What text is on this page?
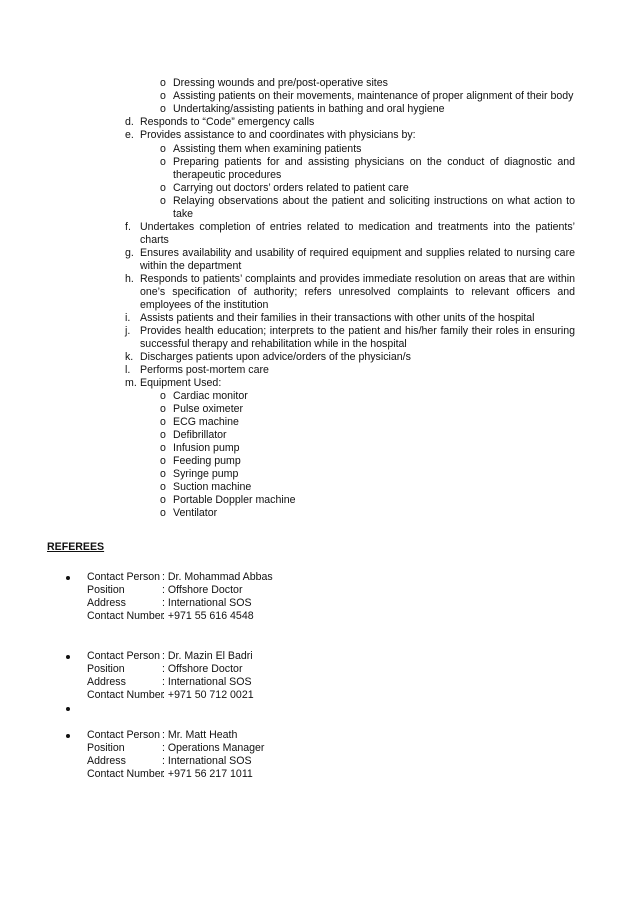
o Dressing wounds and pre/post-operative sites
o Assisting patients on their movements, maintenance of proper alignment of their body
o Undertaking/assisting patients in bathing and oral hygiene
d. Responds to “Code” emergency calls
e. Provides assistance to and coordinates with physicians by:
o Assisting them when examining patients
o Preparing patients for and assisting physicians on the conduct of diagnostic and
therapeutic procedures
o Carrying out doctors’ orders related to patient care
o Relaying observations about the patient and soliciting instructions on what action to
take
f. Undertakes completion of entries related to medication and treatments into the patients’
charts
g. Ensures availability and usability of required equipment and supplies related to nursing care
within the department
h. Responds to patients’ complaints and provides immediate resolution on areas that are within
one’s specification of authority; refers unresolved complaints to relevant officers and
employees of the institution
i. Assists patients and their families in their transactions with other units of the hospital
j. Provides health education; interprets to the patient and his/her family their roles in ensuring
successful therapy and rehabilitation while in the hospital
k. Discharges patients upon advice/orders of the physician/s
l. Performs post-mortem care
m. Equipment Used:
o Cardiac monitor
o Pulse oximeter
o ECG machine
o Defibrillator
o Infusion pump
o Feeding pump
o Syringe pump
o Suction machine
o Portable Doppler machine
o Ventilator
REFEREES
Contact Person : Dr. Mohammad Abbas
Position	: Offshore Doctor
Address	: International SOS
Contact Number
: +971 55 616 4548
Contact Person : Dr. Mazin El Badri
Position	: Offshore Doctor
Address	: International SOS
Contact Number
: +971 50 712 0021
Contact Person : Mr. Matt Heath
Position	: Operations Manager
Address	: International SOS
Contact Number
: +971 56 217 1011
